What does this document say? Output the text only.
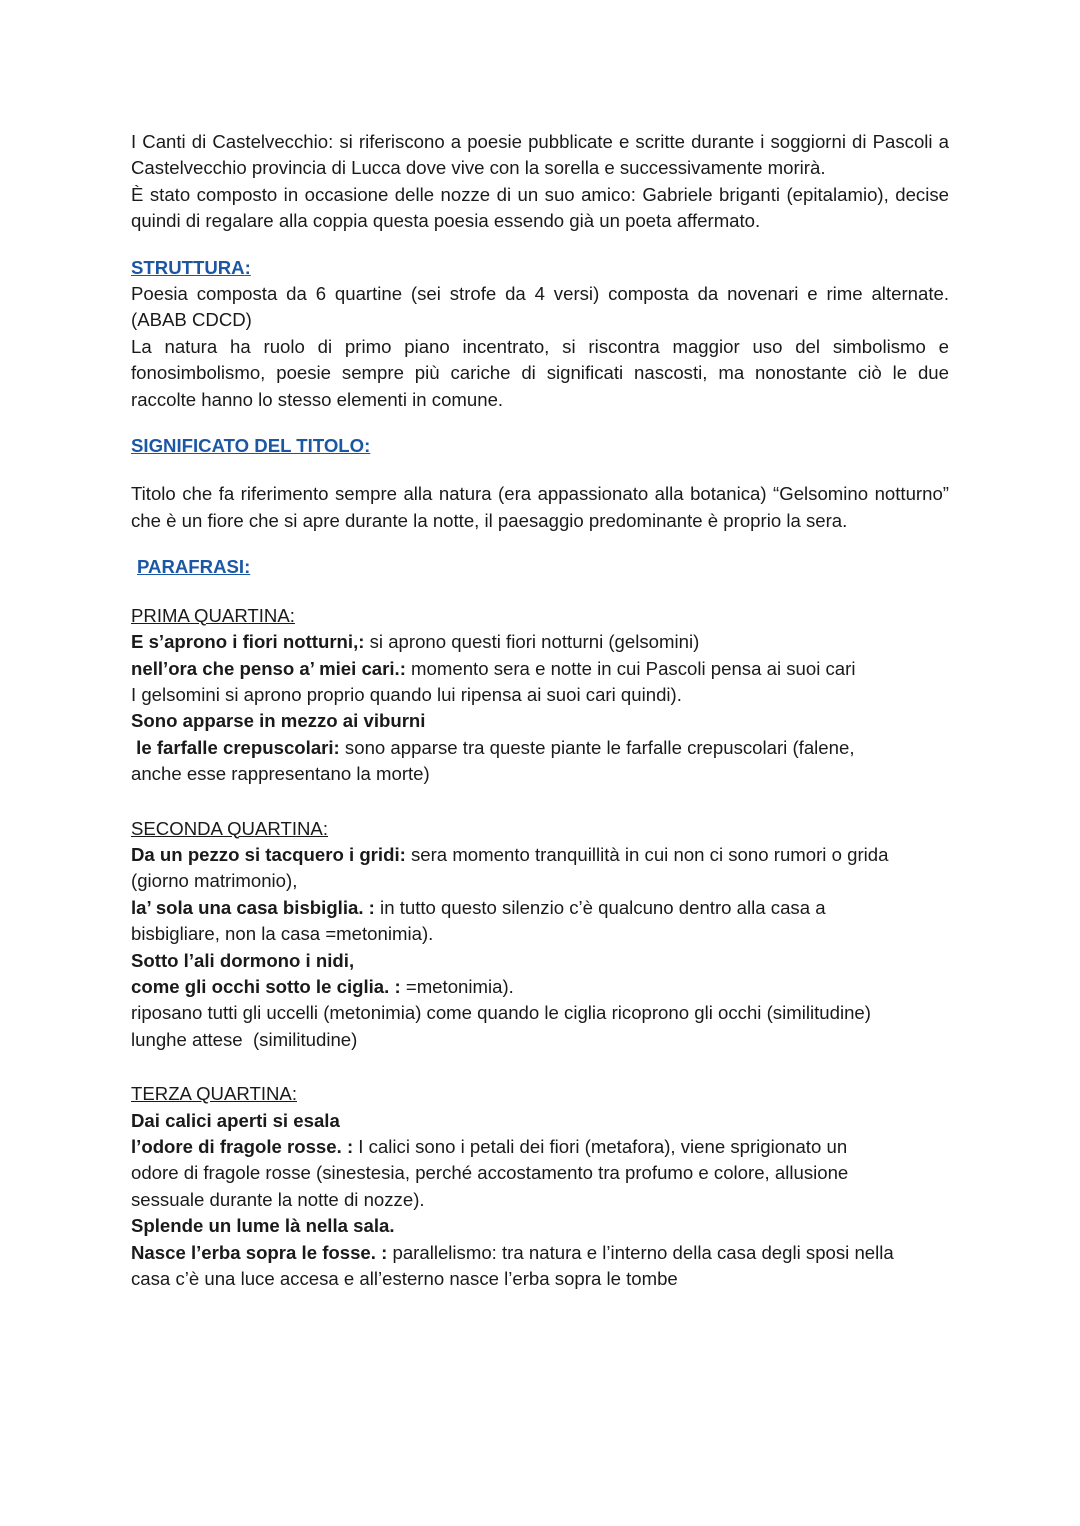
I Canti di Castelvecchio: si riferiscono a poesie pubblicate e scritte durante i soggiorni di Pascoli a Castelvecchio provincia di Lucca dove vive con la sorella e successivamente morirà.

È stato composto in occasione delle nozze di un suo amico: Gabriele briganti (epitalamio), decise quindi di regalare alla coppia questa poesia essendo già un poeta affermato.

STRUTTURA:

Poesia composta da 6 quartine (sei strofe da 4 versi) composta da novenari e rime alternate. (ABAB CDCD)

La natura ha ruolo di primo piano incentrato, si riscontra maggior uso del simbolismo e fonosimbolismo, poesie sempre più cariche di significati nascosti, ma nonostante ciò le due raccolte hanno lo stesso elementi in comune.

SIGNIFICATO DEL TITOLO:

Titolo che fa riferimento sempre alla natura (era appassionato alla botanica) “Gelsomino notturno” che è un fiore che si apre durante la notte, il paesaggio predominante è proprio la sera.

PARAFRASI:

PRIMA QUARTINA:

E s’aprono i fiori notturni,: si aprono questi fiori notturni (gelsomini)

nell’ora che penso a’ miei cari.: momento sera e notte in cui Pascoli pensa ai suoi cari

I gelsomini si aprono proprio quando lui ripensa ai suoi cari quindi).

Sono apparse in mezzo ai viburni

le farfalle crepuscolari: sono apparse tra queste piante le farfalle crepuscolari (falene,

anche esse rappresentano la morte)

SECONDA QUARTINA:

Da un pezzo si tacquero i gridi: sera momento tranquillità in cui non ci sono rumori o grida

(giorno matrimonio),

la’ sola una casa bisbiglia. : in tutto questo silenzio c’è qualcuno dentro alla casa a

bisbigliare, non la casa =metonimia).

Sotto l’ali dormono i nidi,

come gli occhi sotto le ciglia. : =metonimia).

riposano tutti gli uccelli (metonimia) come quando le ciglia ricoprono gli occhi (similitudine)

lunghe attese  (similitudine)

TERZA QUARTINA:

Dai calici aperti si esala

l’odore di fragole rosse. : I calici sono i petali dei fiori (metafora), viene sprigionato un

odore di fragole rosse (sinestesia, perché accostamento tra profumo e colore, allusione

sessuale durante la notte di nozze).

Splende un lume là nella sala.

Nasce l’erba sopra le fosse. : parallelismo: tra natura e l’interno della casa degli sposi nella

casa c’è una luce accesa e all’esterno nasce l’erba sopra le tombe
